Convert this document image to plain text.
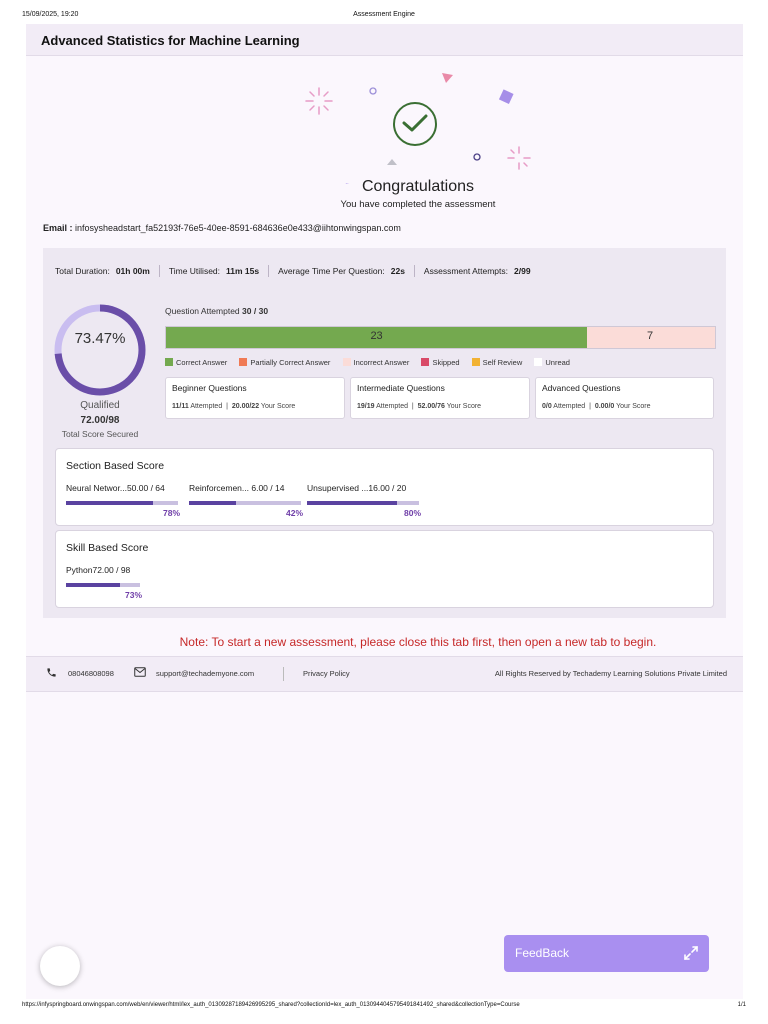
15/09/2025, 19:20	Assessment Engine
Advanced Statistics for Machine Learning
Congratulations
You have completed the assessment
Email : infosysheadstart_fa52193f-76e5-40ee-8591-684636e0e433@iihtonwingspan.com
Total Duration: 01h 00m Time Utilised: 11m 15s Average Time Per Question: 22s Assessment Attempts: 2/99
73.47%
Qualified
72.00/98
Total Score Secured
Question Attempted 30 / 30
23	7
Correct Answer	Partially Correct Answer	Incorrect Answer	Skipped	Self Review	Unread
Beginner Questions
11/11 Attempted  |  20.00/22 Your Score
Intermediate Questions
19/19 Attempted  |  52.00/76 Your Score
Advanced Questions
0/0 Attempted  |  0.00/0 Your Score
Section Based Score
Neural Networ...50.00 / 64
78%
Reinforcemen... 6.00 / 14
42%
Unsupervised ...16.00 / 20
80%
Skill Based Score
Python72.00 / 98
73%
Note: To start a new assessment, please close this tab first, then open a new tab to begin.
08046808098	support@techademyone.com	Privacy Policy	All Rights Reserved by Techademy Learning Solutions Private Limited
FeedBack
https://infyspringboard.onwingspan.com/web/en/viewer/html/lex_auth_01309287189426995295_shared?collectionId=lex_auth_0130944045795491841492_shared&collectionType=Course	1/1
